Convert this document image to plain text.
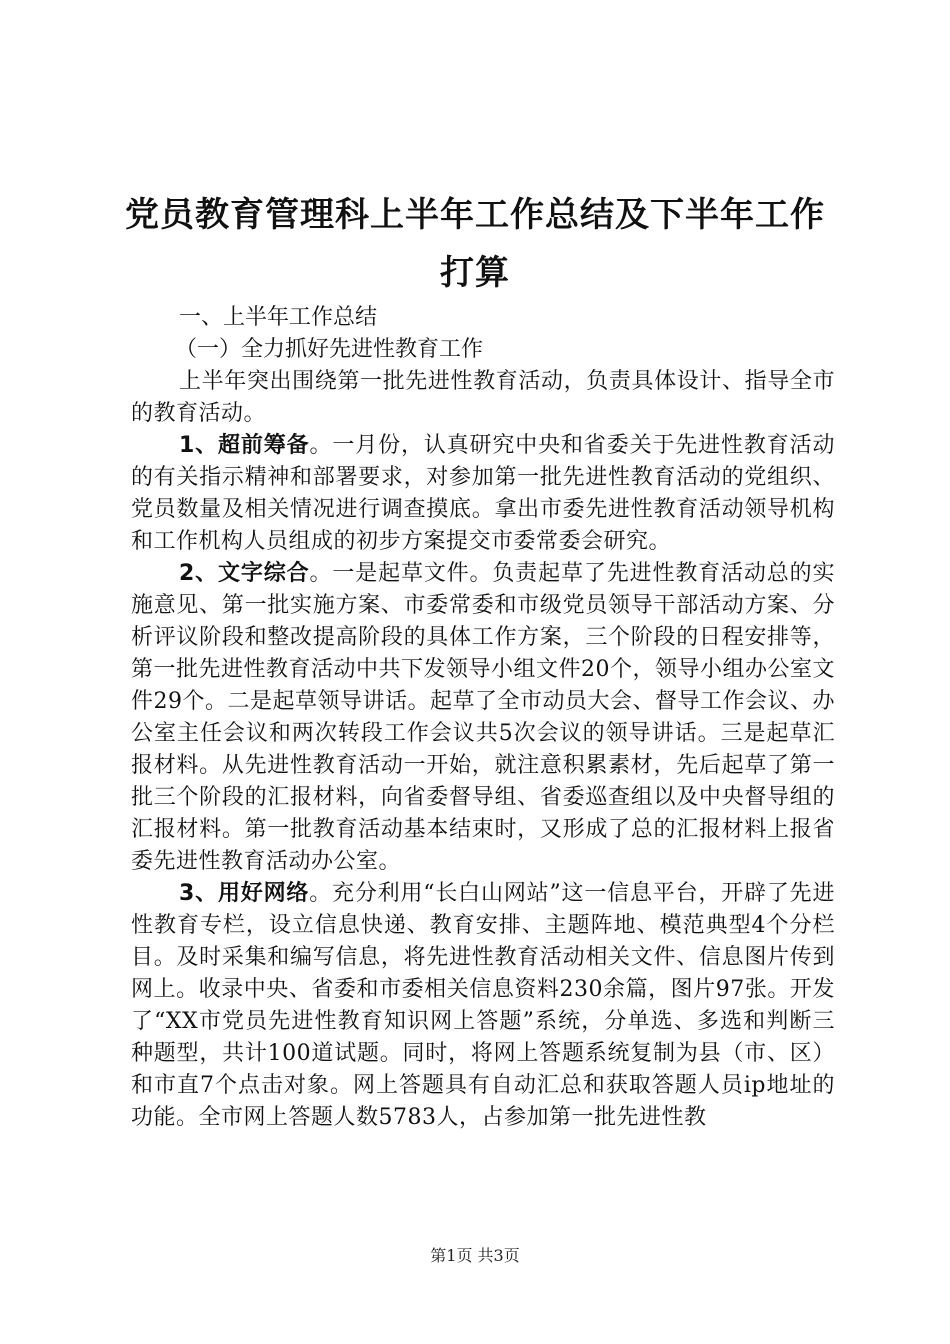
党员教育管理科上半年工作总结及下半年工作打算
一、上半年工作总结
（一）全力抓好先进性教育工作

上半年突出围绕第一批先进性教育活动，负责具体设计、指导全市的教育活动。

1、超前筹备。一月份，认真研究中央和省委关于先进性教育活动的有关指示精神和部署要求，对参加第一批先进性教育活动的党组织、党员数量及相关情况进行调查摸底。拿出市委先进性教育活动领导机构和工作机构人员组成的初步方案提交市委常委会研究。

2、文字综合。一是起草文件。负责起草了先进性教育活动总的实施意见、第一批实施方案、市委常委和市级党员领导干部活动方案、分析评议阶段和整改提高阶段的具体工作方案，三个阶段的日程安排等，第一批先进性教育活动中共下发领导小组文件20个，领导小组办公室文件29个。二是起草领导讲话。起草了全市动员大会、督导工作会议、办公室主任会议和两次转段工作会议共5次会议的领导讲话。三是起草汇报材料。从先进性教育活动一开始，就注意积累素材，先后起草了第一批三个阶段的汇报材料，向省委督导组、省委巡查组以及中央督导组的汇报材料。第一批教育活动基本结束时，又形成了总的汇报材料上报省委先进性教育活动办公室。

3、用好网络。充分利用“长白山网站”这一信息平台，开辟了先进性教育专栏，设立信息快递、教育安排、主题阵地、模范典型4个分栏目。及时采集和编写信息，将先进性教育活动相关文件、信息图片传到网上。收录中央、省委和市委相关信息资料230余篇，图片97张。开发了“XX市党员先进性教育知识网上答题”系统，分单选、多选和判断三种题型，共计100道试题。同时，将网上答题系统复制为县（市、区）和市直7个点击对象。网上答题具有自动汇总和获取答题人员ip地址的功能。全市网上答题人数5783人，占参加第一批先进性教

第1页 共3页
